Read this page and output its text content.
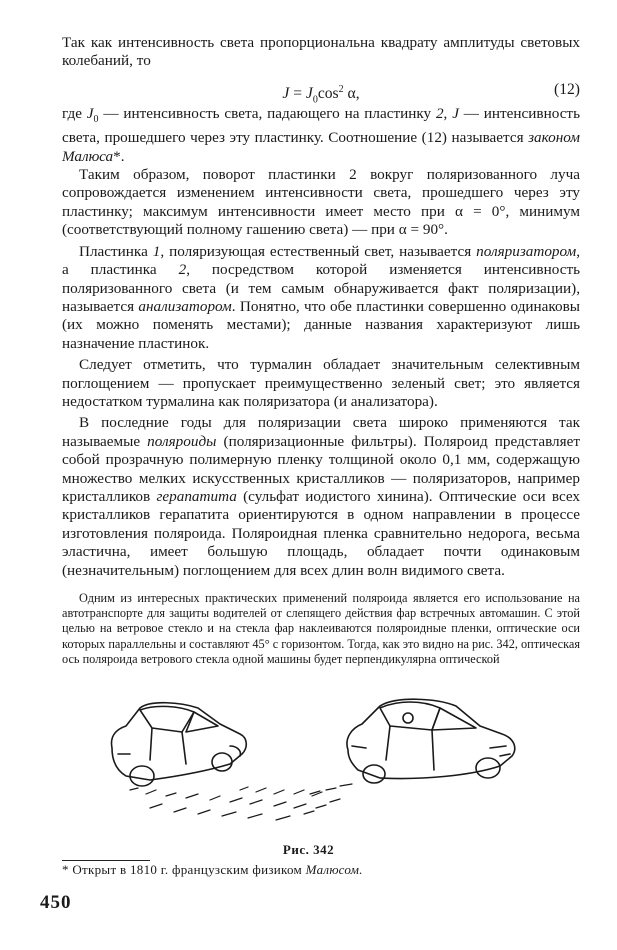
Так как интенсивность света пропорциональна квадрату амплитуды световых колебаний, то

$J = J_0\cos^2$ α,	(12)

где $J_0$ — интенсивность света, падающего на пластинку 2, J — интенсивность света, прошедшего через эту пластинку. Соотношение (12) называется законом Малюса*.

Таким образом, поворот пластинки 2 вокруг поляризованного луча сопровождается изменением интенсивности света, прошедшего через эту пластинку; максимум интенсивности имеет место при α = 0°, минимум (соответствующий полному гашению света) — при α = 90°.

Пластинка 1, поляризующая естественный свет, называется поляризатором, а пластинка 2, посредством которой изменяется интенсивность поляризованного света (и тем самым обнаруживается факт поляризации), называется анализатором. Понятно, что обе пластинки совершенно одинаковы (их можно поменять местами); данные названия характеризуют лишь назначение пластинок.

Следует отметить, что турмалин обладает значительным селективным поглощением — пропускает преимущественно зеленый свет; это является недостатком турмалина как поляризатора (и анализатора).

В последние годы для поляризации света широко применяются так называемые поляроиды (поляризационные фильтры). Поляроид представляет собой прозрачную полимерную пленку толщиной около 0,1 мм, содержащую множество мелких искусственных кристалликов — поляризаторов, например кристалликов герапатита (сульфат иодистого хинина). Оптические оси всех кристалликов герапатита ориентируются в одном направлении в процессе изготовления поляроида. Поляроидная пленка сравнительно недорога, весьма эластична, имеет большую площадь, обладает почти одинаковым (незначительным) поглощением для всех длин волн видимого света.

Одним из интересных практических применений поляроида является его использование на автотранспорте для защиты водителей от слепящего действия фар встречных автомашин. С этой целью на ветровое стекло и на стекла фар наклеиваются поляроидные пленки, оптические оси которых параллельны и составляют 45° с горизонтом. Тогда, как это видно на рис. 342, оптическая ось поляроида ветрового стекла одной машины будет перпендикулярна оптической

Рис. 342
* Открыт в 1810 г. французским физиком Малюсом.
450
